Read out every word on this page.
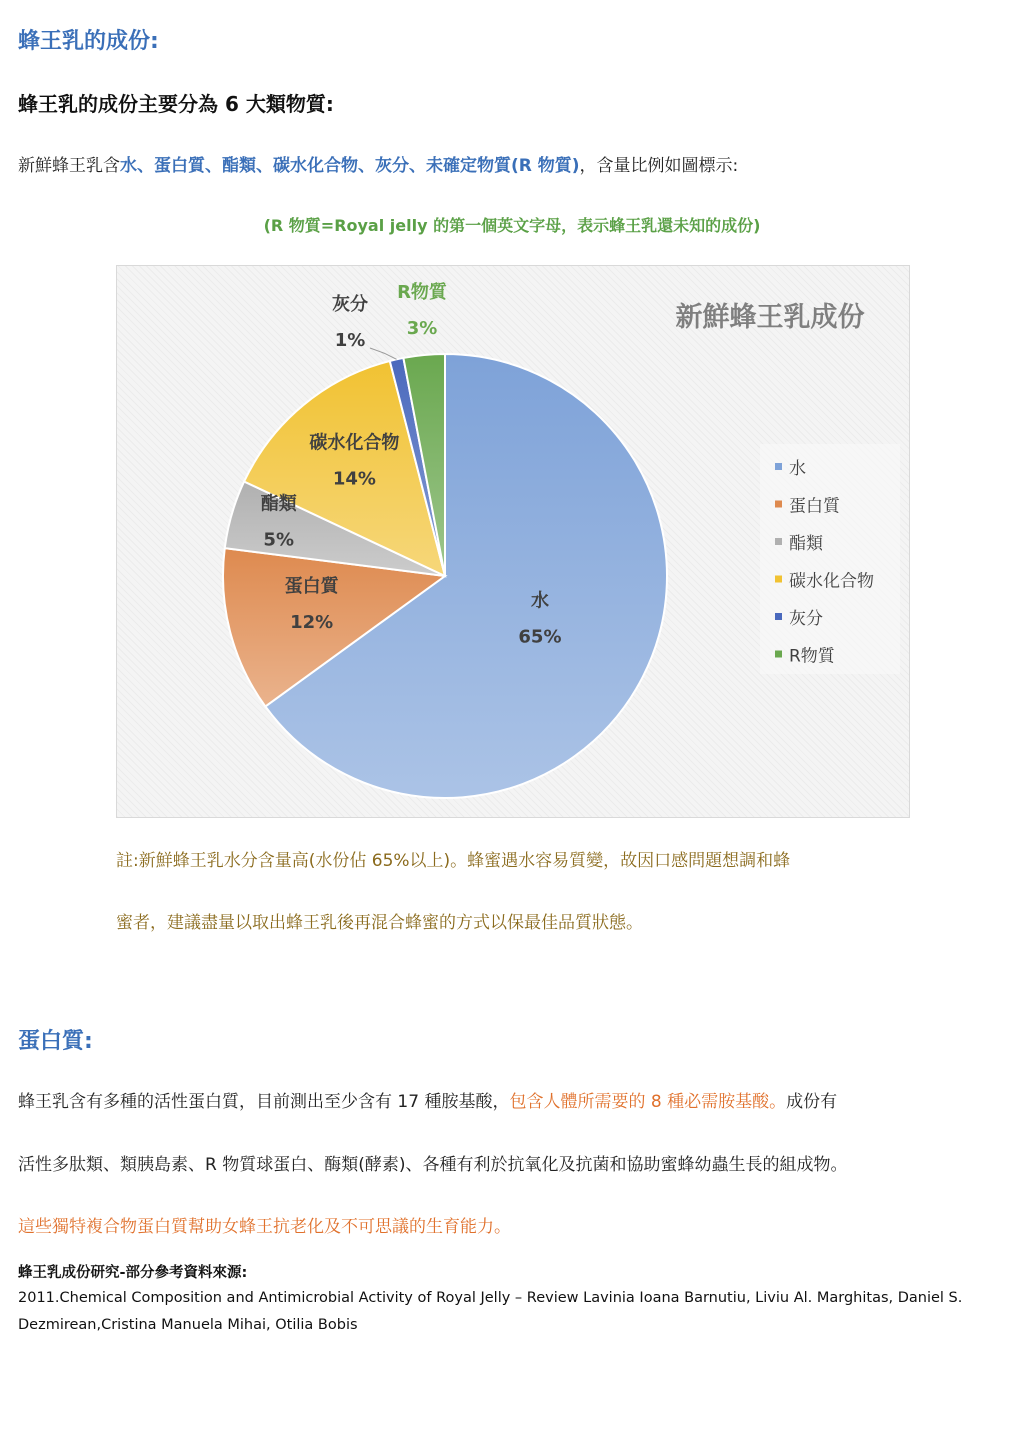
蜂王乳的成份:
蜂王乳的成份主要分為 6 大類物質:
新鮮蜂王乳含水、蛋白質、酯類、碳水化合物、灰分、未確定物質(R 物質)，含量比例如圖標示:
(R 物質=Royal jelly 的第一個英文字母，表示蜂王乳還未知的成份)
水
65%
蛋白質
12%
酯類
5%
碳水化合物
14%
灰分
1%
R物質
3%	新鮮蜂王乳成份
水
蛋白質
酯類
碳水化合物
灰分
R物質
註:新鮮蜂王乳水分含量高(水份佔 65%以上)。蜂蜜遇水容易質變，故因口感問題想調和蜂
蜜者，建議盡量以取出蜂王乳後再混合蜂蜜的方式以保最佳品質狀態。
蛋白質:
蜂王乳含有多種的活性蛋白質，目前測出至少含有 17 種胺基酸，包含人體所需要的 8 種必需胺基酸。成份有
活性多肽類、類胰島素、R 物質球蛋白、酶類(酵素)、各種有利於抗氧化及抗菌和協助蜜蜂幼蟲生長的組成物。
這些獨特複合物蛋白質幫助女蜂王抗老化及不可思議的生育能力。
蜂王乳成份研究-部分參考資料來源:
2011.Chemical Composition and Antimicrobial Activity of Royal Jelly – Review Lavinia Ioana Barnutiu, Liviu Al. Marghitas, Daniel S.
Dezmirean,Cristina Manuela Mihai, Otilia Bobis
